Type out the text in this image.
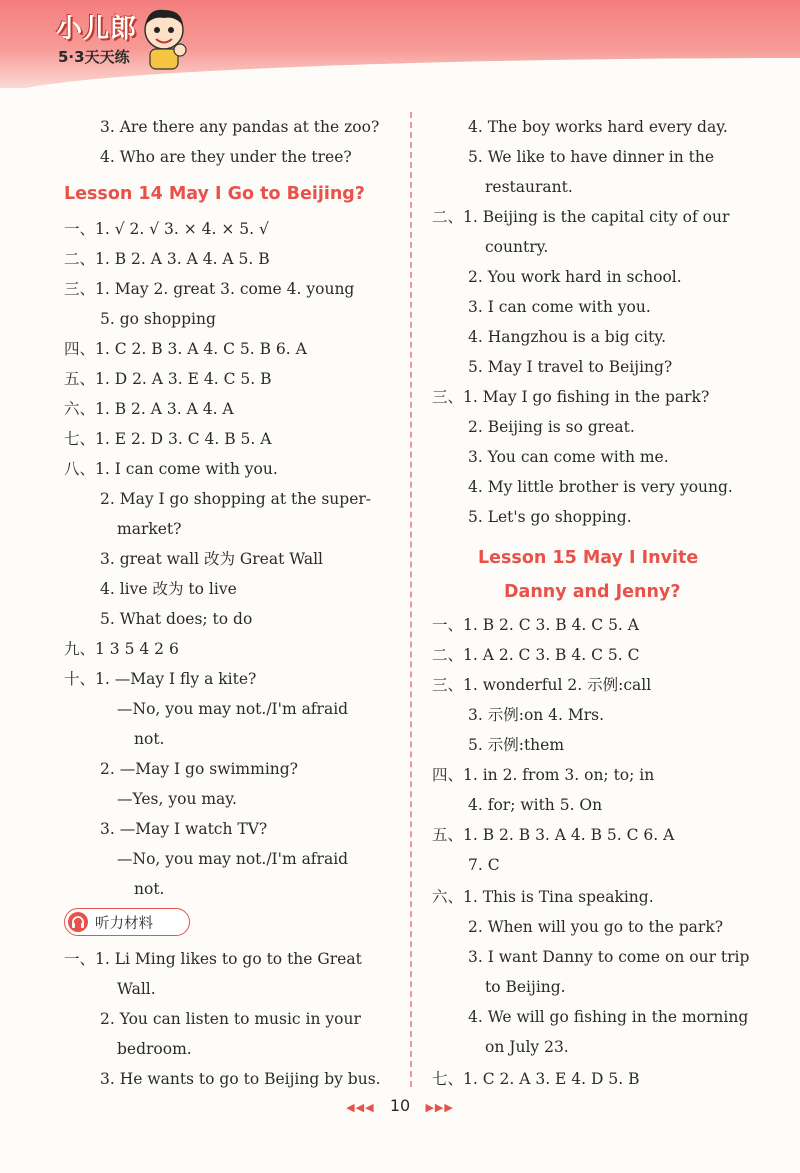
小儿郎
5·3天天练
3. Are there any pandas at the zoo?
4. Who are they under the tree?
Lesson 14 May I Go to Beijing?
一、1. √ 2. √ 3. × 4. × 5. √
二、1. B 2. A 3. A 4. A 5. B
三、1. May 2. great 3. come 4. young
5. go shopping
四、1. C 2. B 3. A 4. C 5. B 6. A
五、1. D 2. A 3. E 4. C 5. B
六、1. B 2. A 3. A 4. A
七、1. E 2. D 3. C 4. B 5. A
八、1. I can come with you.
2. May I go shopping at the super-
market?
3. great wall 改为 Great Wall
4. live 改为 to live
5. What does; to do
九、1 3 5 4 2 6
十、1. —May I fly a kite?
—No, you may not./I'm afraid
not.
2. —May I go swimming?
—Yes, you may.
3. —May I watch TV?
—No, you may not./I'm afraid
not.
听力材料
一、1. Li Ming likes to go to the Great
Wall.
2. You can listen to music in your
bedroom.
3. He wants to go to Beijing by bus.
4. The boy works hard every day.
5. We like to have dinner in the
restaurant.
二、1. Beijing is the capital city of our
country.
2. You work hard in school.
3. I can come with you.
4. Hangzhou is a big city.
5. May I travel to Beijing?
三、1. May I go fishing in the park?
2. Beijing is so great.
3. You can come with me.
4. My little brother is very young.
5. Let's go shopping.
Lesson 15 May I Invite
Danny and Jenny?
一、1. B 2. C 3. B 4. C 5. A
二、1. A 2. C 3. B 4. C 5. C
三、1. wonderful 2. 示例:call
3. 示例:on 4. Mrs.
5. 示例:them
四、1. in 2. from 3. on; to; in
4. for; with 5. On
五、1. B 2. B 3. A 4. B 5. C 6. A
7. C
六、1. This is Tina speaking.
2. When will you go to the park?
3. I want Danny to come on our trip
to Beijing.
4. We will go fishing in the morning
on July 23.
七、1. C 2. A 3. E 4. D 5. B
◀◀◀ 10 ▶▶▶
